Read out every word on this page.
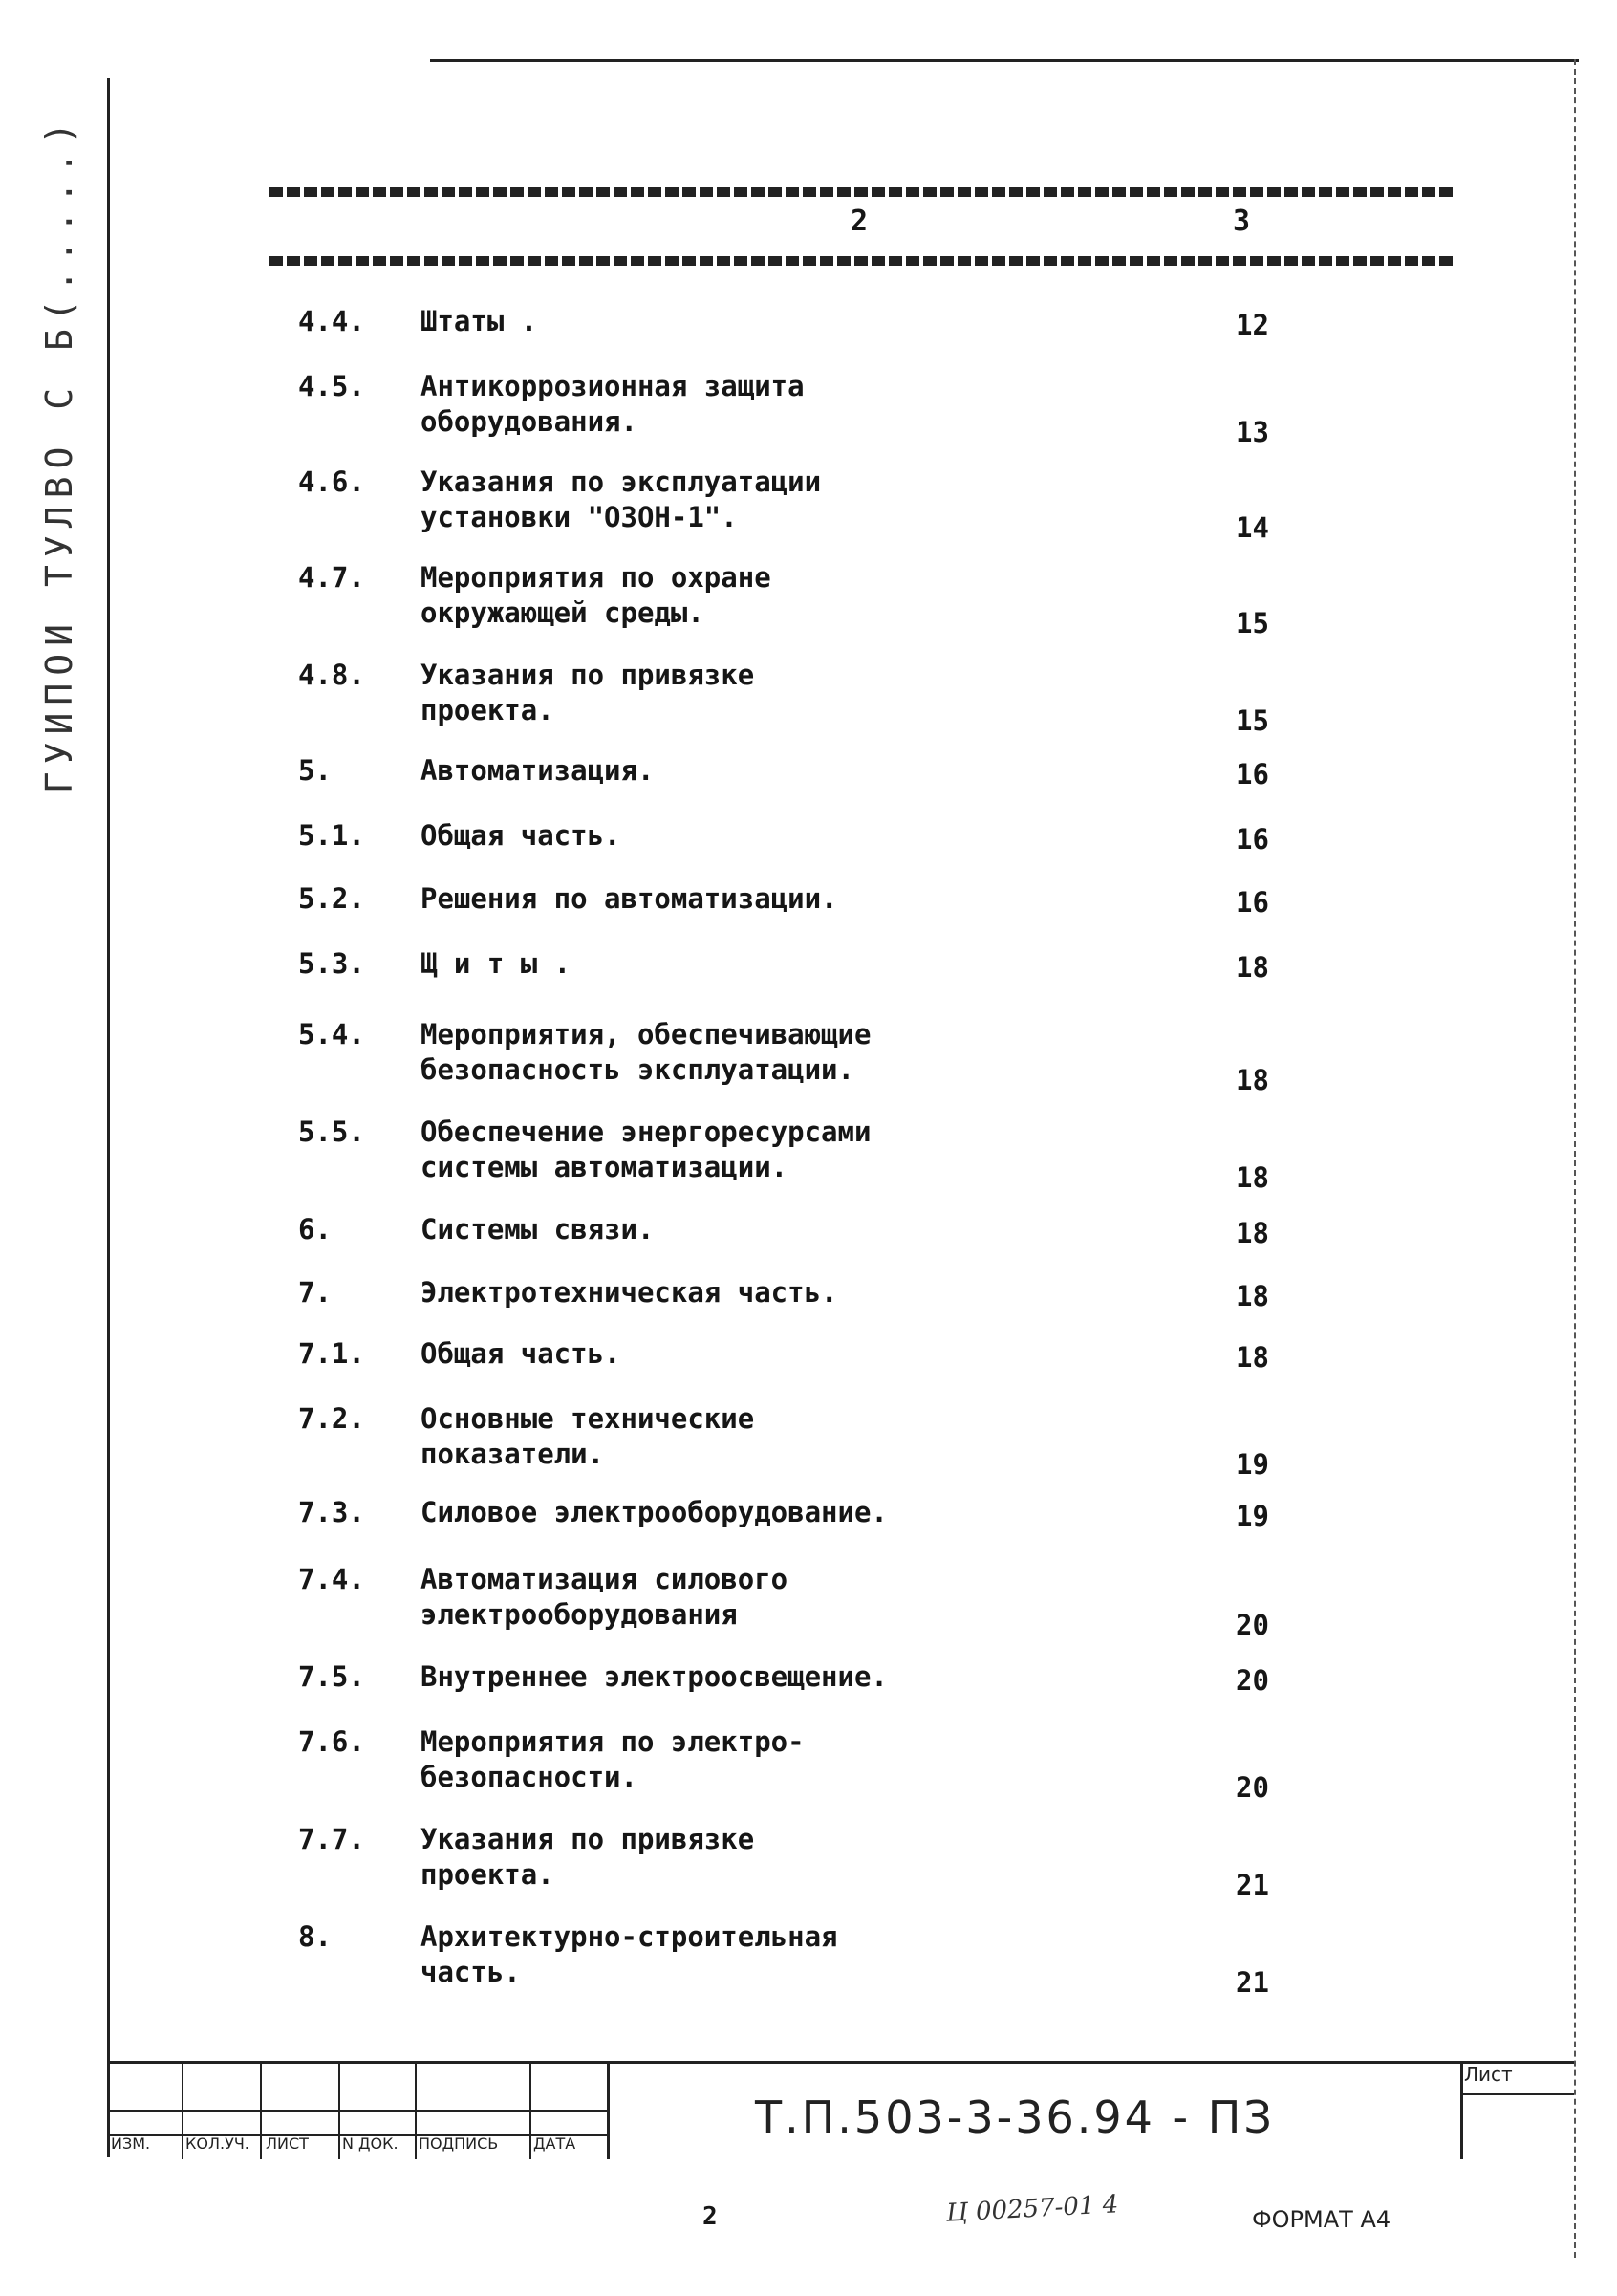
ГУИПОИ ТУЛВО С Б(.....)	2	3
4.4. Штаты .	12
4.5. Антикоррозионная защита
оборудования.	13
4.6. Указания по эксплуатации
установки "ОЗОН-1".	14
4.7. Мероприятия по охране
окружающей среды.	15
4.8. Указания по привязке
проекта.	15
5.	Автоматизация.	16
5.1. Общая часть.	16
5.2. Решения по автоматизации.	16
5.3. Щ и т ы .	18
5.4. Мероприятия, обеспечивающие
безопасность эксплуатации.	18
5.5. Обеспечение энергоресурсами
системы автоматизации.	18
6.	Системы связи.	18
7.	Электротехническая часть.	18
7.1. Общая часть.	18
7.2. Основные технические
показатели.	19
7.3. Силовое электрооборудование.	19
7.4. Автоматизация силового
электрооборудования	20
7.5. Внутреннее электроосвещение.	20
7.6. Мероприятия по электро-
безопасности.	20
7.7. Указания по привязке
проекта.	21
8.	Архитектурно-строительная
часть.	21
ИЗМ. КОЛ.УЧ. ЛИСТ N ДОК. ПОДПИСЬ ДАТА
Т.П.503-3-36.94 - ПЗ
Лист
2	Ц 00257-01 4	ФОРМАТ А4
